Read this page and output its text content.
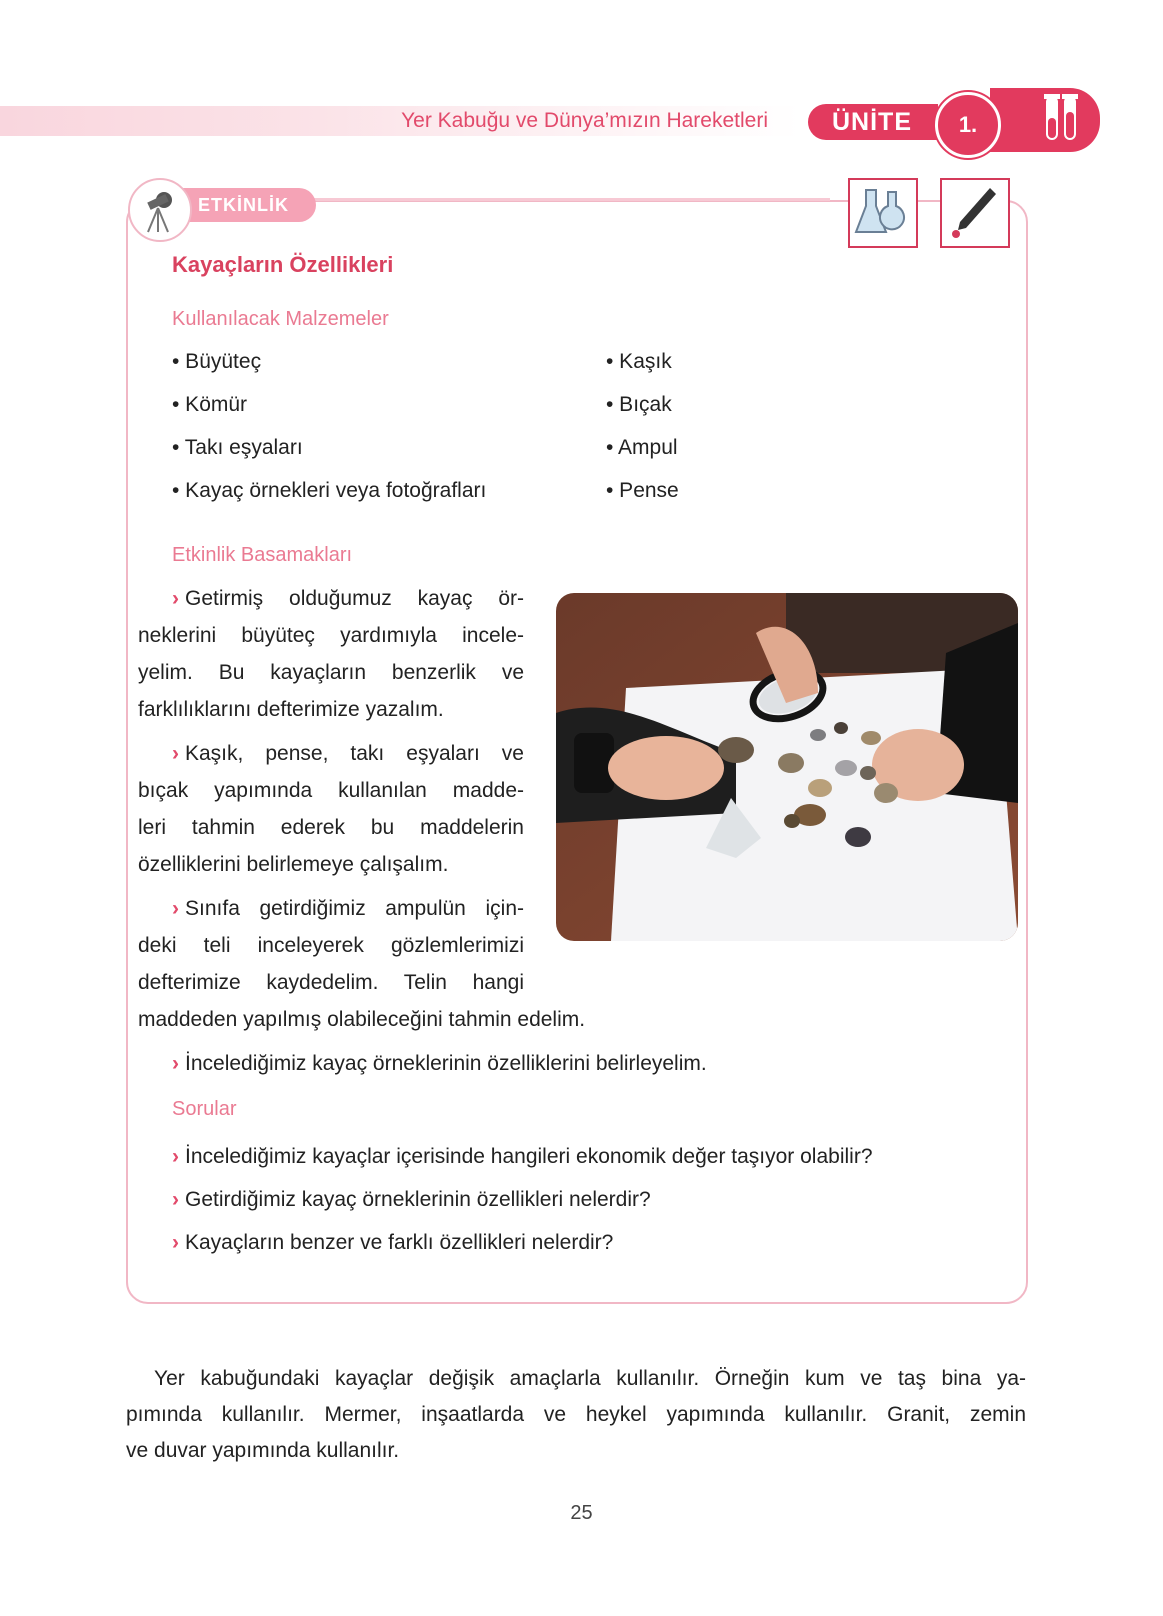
Yer Kabuğu ve Dünya’mızın Hareketleri	ÜNİTE	1.
ETKİNLİK
Kayaçların Özellikleri
Kullanılacak Malzemeler
• Büyüteç
• Kömür
• Takı eşyaları
• Kayaç örnekleri veya fotoğrafları
• Kaşık
• Bıçak
• Ampul
• Pense
Etkinlik Basamakları
› Getirmiş olduğumuz kayaç ör-
neklerini büyüteç yardımıyla incele-
yelim. Bu kayaçların benzerlik ve
farklılıklarını defterimize yazalım.
› Kaşık, pense, takı eşyaları ve
bıçak yapımında kullanılan madde-
leri tahmin ederek bu maddelerin
özelliklerini belirlemeye çalışalım.
› Sınıfa getirdiğimiz ampulün için-
deki teli inceleyerek gözlemlerimizi
defterimize kaydedelim. Telin hangi
maddeden yapılmış olabileceğini tahmin edelim.
› İncelediğimiz kayaç örneklerinin özelliklerini belirleyelim.
Sorular
› İncelediğimiz kayaçlar içerisinde hangileri ekonomik değer taşıyor olabilir?
› Getirdiğimiz kayaç örneklerinin özellikleri nelerdir?
› Kayaçların benzer ve farklı özellikleri nelerdir?
Yer kabuğundaki kayaçlar değişik amaçlarla kullanılır. Örneğin kum ve taş bina ya-
pımında kullanılır. Mermer, inşaatlarda ve heykel yapımında kullanılır. Granit, zemin
ve duvar yapımında kullanılır.
25
